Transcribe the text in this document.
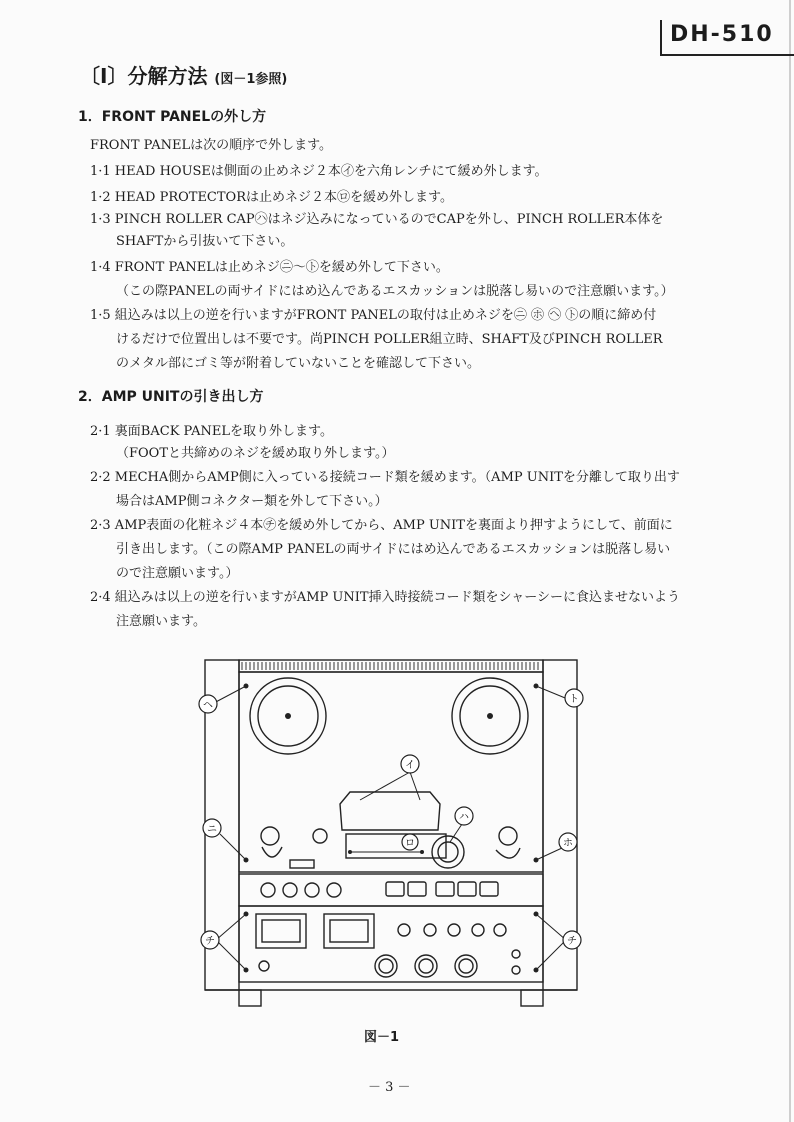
DH-510
〔I〕分解方法 (図－1参照)
1．FRONT PANELの外し方
FRONT PANELは次の順序で外します。
1·1 HEAD HOUSEは側面の止めネジ２本㋑を六角レンチにて緩め外します。
1·2 HEAD PROTECTORは止めネジ２本㋺を緩め外します。
1·3 PINCH ROLLER CAP㋩はネジ込みになっているのでCAPを外し、PINCH ROLLER本体を
SHAFTから引抜いて下さい。
1·4 FRONT PANELは止めネジ㋥～㋣を緩め外して下さい。
（この際PANELの両サイドにはめ込んであるエスカッションは脱落し易いので注意願います。）
1·5 組込みは以上の逆を行いますがFRONT PANELの取付は止めネジを㋥ ㋭ ㋬ ㋣の順に締め付
けるだけで位置出しは不要です。尚PINCH POLLER組立時、SHAFT及びPINCH ROLLER
のメタル部にゴミ等が附着していないことを確認して下さい。
2．AMP UNITの引き出し方
2·1 裏面BACK PANELを取り外します。
（FOOTと共締めのネジを緩め取り外します。）
2·2 MECHA側からAMP側に入っている接続コード類を緩めます。（AMP UNITを分離して取り出す
場合はAMP側コネクター類を外して下さい。）
2·3 AMP表面の化粧ネジ４本㋠を緩め外してから、AMP UNITを裏面より押すようにして、前面に
引き出します。（この際AMP PANELの両サイドにはめ込んであるエスカッションは脱落し易い
ので注意願います。）
2·4 組込みは以上の逆を行いますがAMP UNIT挿入時接続コード類をシャーシーに食込ませないよう
注意願います。
イ
ロ
ハ
ニ
ホ
ヘ
ト
チ	チ
図－1
－ 3 －
